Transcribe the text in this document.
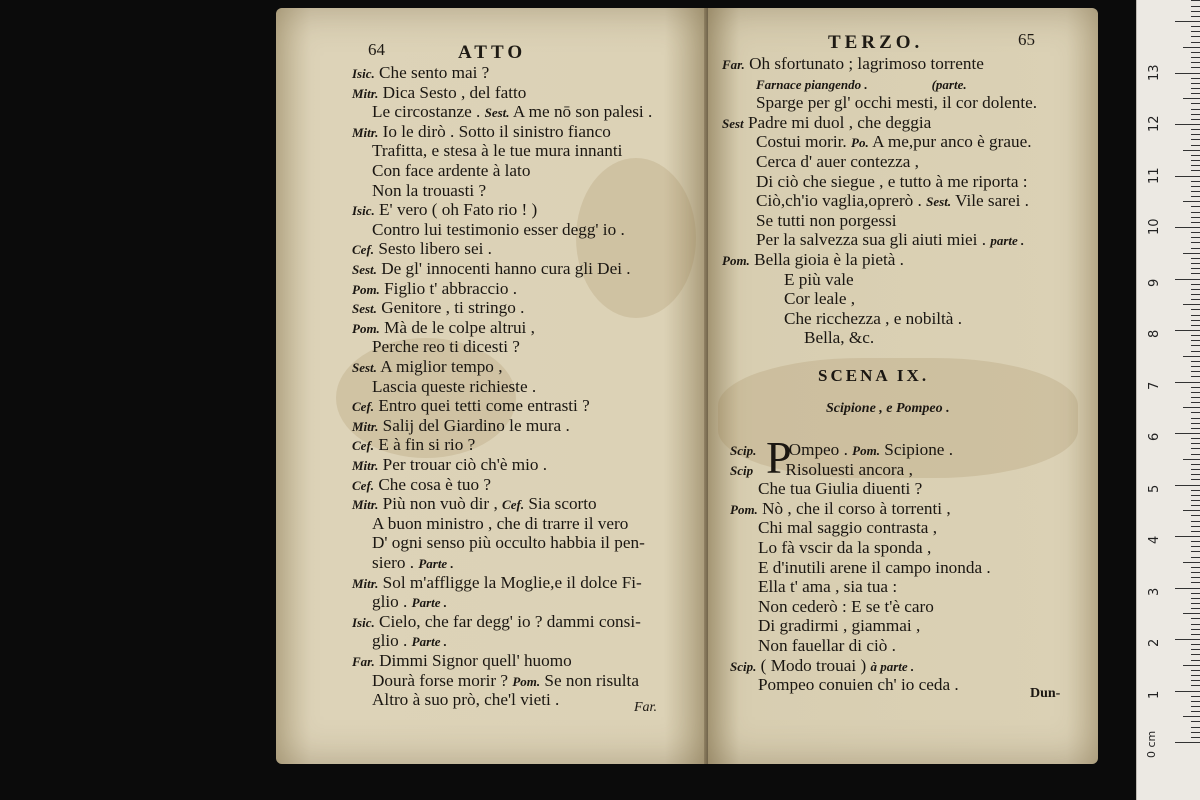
64	ATTO
Isic. Che sento mai ?
Mitr. Dica Sesto , del fatto
Le circostanze . Sest. A me nō son palesi .
Mitr. Io le dirò . Sotto il sinistro fianco
Trafitta, e stesa à le tue mura innanti
Con face ardente à lato
Non la trouasti ?
Isic. E' vero ( oh Fato rio ! )
Contro lui testimonio esser degg' io .
Cef. Sesto libero sei .
Sest. De gl' innocenti hanno cura gli Dei .
Pom. Figlio t' abbraccio .
Sest. Genitore , ti stringo .
Pom. Mà de le colpe altrui ,
Perche reo ti dicesti ?
Sest. A miglior tempo ,
Lascia queste richieste .
Cef. Entro quei tetti come entrasti ?
Mitr. Salij del Giardino le mura .
Cef. E à fin si rio ?
Mitr. Per trouar ciò ch'è mio .
Cef. Che cosa è tuo ?
Mitr. Più non vuò dir , Cef. Sia scorto
A buon ministro , che di trarre il vero
D' ogni senso più occulto habbia il pen-
siero . Parte .
Mitr. Sol m'affligge la Moglie,e il dolce Fi-
glio . Parte .
Isic. Cielo, che far degg' io ? dammi consi-
glio . Parte .
Far. Dimmi Signor quell' huomo
Dourà forse morir ? Pom. Se non risulta
Altro à suo prò, che'l vieti .	Far.
TERZO.	65
Far. Oh sfortunato ; lagrimoso torrente
Farnace piangendo .	(parte.
Sparge per gl' occhi mesti, il cor dolente.
Sest Padre mi duol , che deggia
Costui morir. Po. A me,pur anco è graue.
Cerca d' auer contezza ,
Di ciò che siegue , e tutto à me riporta :
Ciò,ch'io vaglia,oprerò . Sest. Vile sarei .
Se tutti non porgessi
Per la salvezza sua gli aiuti miei . parte .
Pom. Bella gioia è la pietà .
E più vale
Cor leale ,
Che ricchezza , e nobiltà .
Bella, &c.
SCENA IX.
Scipione , e Pompeo .
P
Scip. Ompeo . Pom. Scipione .
Scip Risoluesti ancora ,
Che tua Giulia diuenti ?
Pom. Nò , che il corso à torrenti ,
Chi mal saggio contrasta ,
Lo fà vscir da la sponda ,
E d'inutili arene il campo inonda .
Ella t' ama , sia tua :
Non cederò : E se t'è caro
Di gradirmi , giammai ,
Non fauellar di ciò .
Scip. ( Modo trouai ) à parte .
Pompeo conuien ch' io ceda .	Dun-
0 cm
1
2
3
4
5
6
7
8
9
10
11
12
13
